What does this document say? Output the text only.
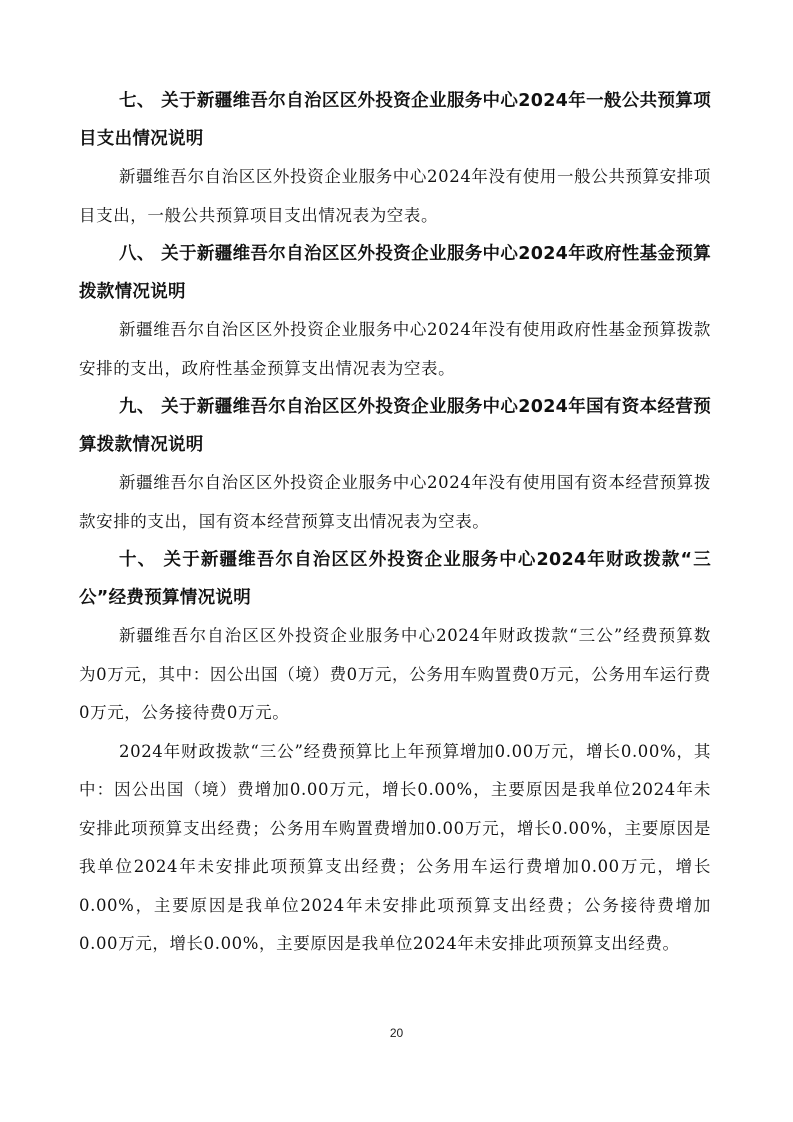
七、 关于新疆维吾尔自治区区外投资企业服务中心2024年一般公共预算项目支出情况说明

新疆维吾尔自治区区外投资企业服务中心2024年没有使用一般公共预算安排项目支出，一般公共预算项目支出情况表为空表。

八、 关于新疆维吾尔自治区区外投资企业服务中心2024年政府性基金预算拨款情况说明

新疆维吾尔自治区区外投资企业服务中心2024年没有使用政府性基金预算拨款安排的支出，政府性基金预算支出情况表为空表。

九、 关于新疆维吾尔自治区区外投资企业服务中心2024年国有资本经营预算拨款情况说明

新疆维吾尔自治区区外投资企业服务中心2024年没有使用国有资本经营预算拨款安排的支出，国有资本经营预算支出情况表为空表。

十、 关于新疆维吾尔自治区区外投资企业服务中心2024年财政拨款“三公”经费预算情况说明

新疆维吾尔自治区区外投资企业服务中心2024年财政拨款“三公”经费预算数为0万元，其中：因公出国（境）费0万元，公务用车购置费0万元，公务用车运行费0万元，公务接待费0万元。

2024年财政拨款“三公”经费预算比上年预算增加0.00万元，增长0.00%，其中：因公出国（境）费增加0.00万元，增长0.00%，主要原因是我单位2024年未安排此项预算支出经费；公务用车购置费增加0.00万元，增长0.00%，主要原因是我单位2024年未安排此项预算支出经费；公务用车运行费增加0.00万元，增长0.00%，主要原因是我单位2024年未安排此项预算支出经费；公务接待费增加0.00万元，增长0.00%，主要原因是我单位2024年未安排此项预算支出经费。

20
